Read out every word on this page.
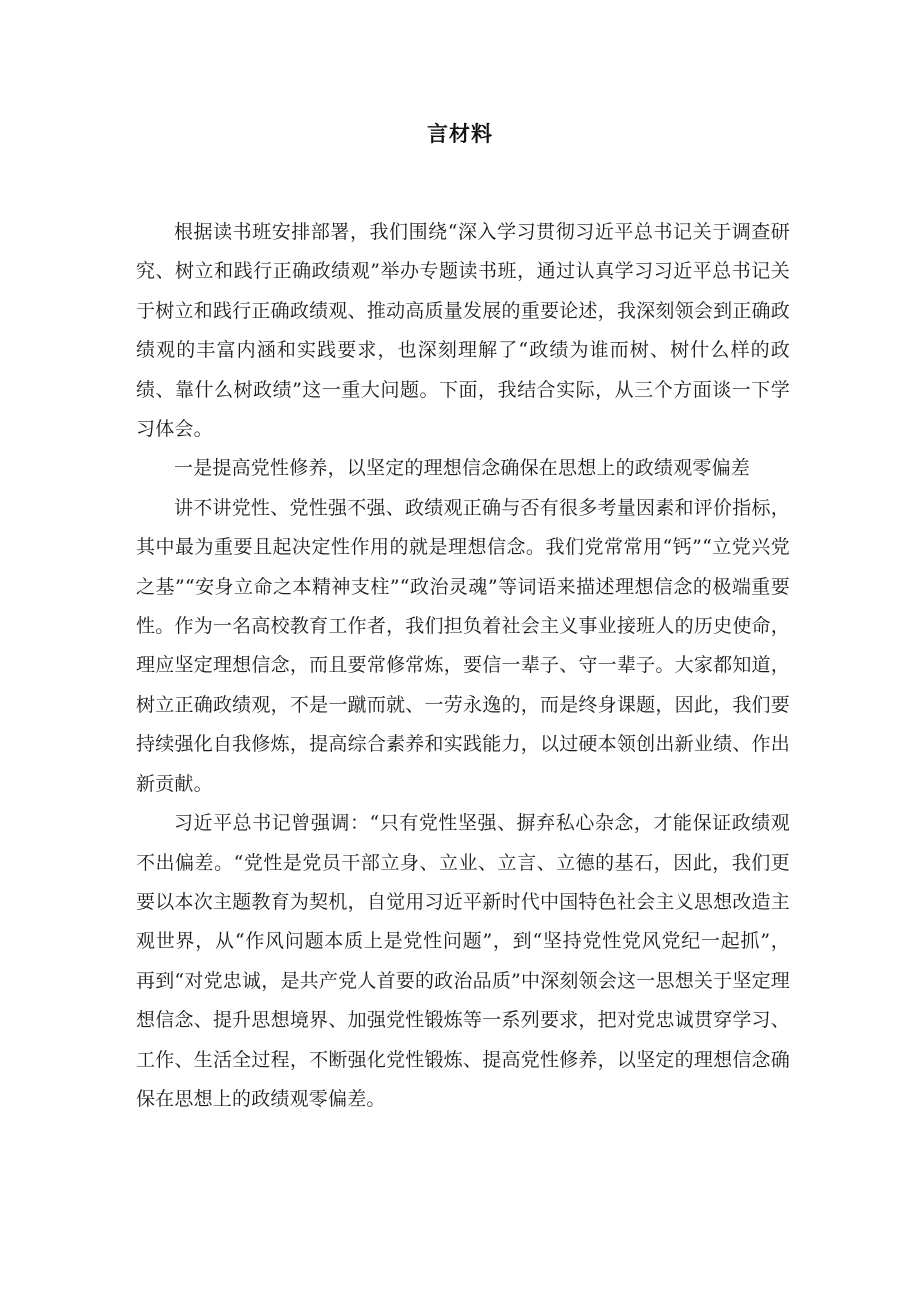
言材料

根据读书班安排部署，我们围绕“深入学习贯彻习近平总书记关于调查研究、树立和践行正确政绩观”举办专题读书班，通过认真学习习近平总书记关于树立和践行正确政绩观、推动高质量发展的重要论述，我深刻领会到正确政绩观的丰富内涵和实践要求，也深刻理解了“政绩为谁而树、树什么样的政绩、靠什么树政绩”这一重大问题。下面，我结合实际，从三个方面谈一下学习体会。

一是提高党性修养，以坚定的理想信念确保在思想上的政绩观零偏差

讲不讲党性、党性强不强、政绩观正确与否有很多考量因素和评价指标，其中最为重要且起决定性作用的就是理想信念。我们党常常用“钙”“立党兴党之基”“安身立命之本精神支柱”“政治灵魂”等词语来描述理想信念的极端重要性。作为一名高校教育工作者，我们担负着社会主义事业接班人的历史使命，理应坚定理想信念，而且要常修常炼，要信一辈子、守一辈子。大家都知道，树立正确政绩观，不是一蹴而就、一劳永逸的，而是终身课题，因此，我们要持续强化自我修炼，提高综合素养和实践能力，以过硬本领创出新业绩、作出新贡献。

习近平总书记曾强调：“只有党性坚强、摒弃私心杂念，才能保证政绩观不出偏差。“党性是党员干部立身、立业、立言、立德的基石，因此，我们更要以本次主题教育为契机，自觉用习近平新时代中国特色社会主义思想改造主观世界，从“作风问题本质上是党性问题”，到“坚持党性党风党纪一起抓”，再到“对党忠诚，是共产党人首要的政治品质”中深刻领会这一思想关于坚定理想信念、提升思想境界、加强党性锻炼等一系列要求，把对党忠诚贯穿学习、工作、生活全过程，不断强化党性锻炼、提高党性修养，以坚定的理想信念确保在思想上的政绩观零偏差。
